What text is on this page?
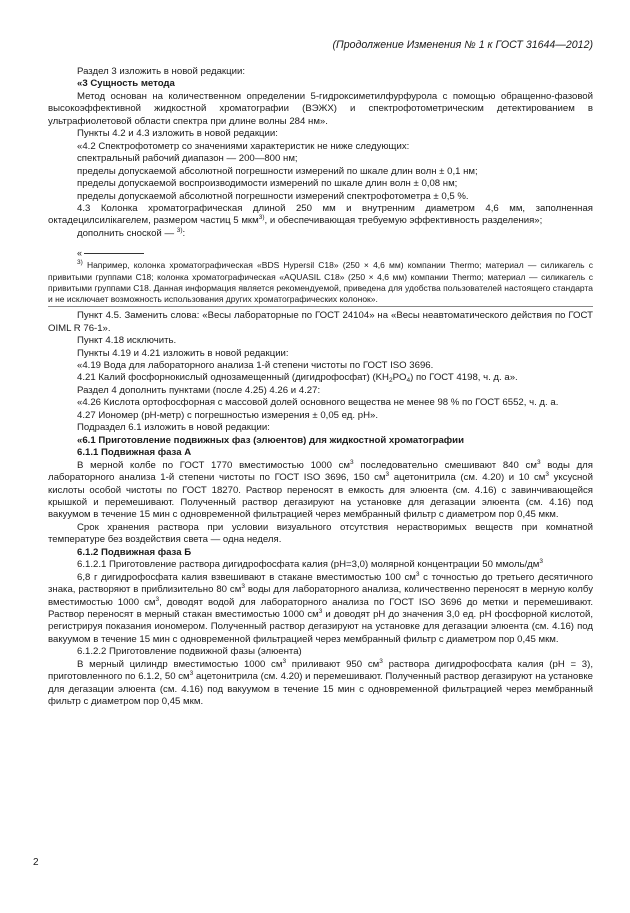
(Продолжение Изменения № 1 к ГОСТ 31644—2012)

Раздел 3 изложить в новой редакции:

«3 Сущность метода

Метод основан на количественном определении 5-гидроксиметилфурфурола с помощью обращенно-фазовой высокоэффективной жидкостной хроматографии (ВЭЖХ) и спектрофотометрическим детектированием в ультрафиолетовой области спектра при длине волны 284 нм».

Пункты 4.2 и 4.3 изложить в новой редакции:

«4.2 Спектрофотометр со значениями характеристик не ниже следующих:

спектральный рабочий диапазон — 200—800 нм;

пределы допускаемой абсолютной погрешности измерений по шкале длин волн ± 0,1 нм;

пределы допускаемой воспроизводимости измерений по шкале длин волн ± 0,08 нм;

пределы допускаемой абсолютной погрешности измерений спектрофотометра ± 0,5 %.

4.3 Колонка хроматографическая длиной 250 мм и внутренним диаметром 4,6 мм, заполненная октадецилсилікагелем, размером частиц 5 мкм$^{3)}$, и обеспечивающая требуемую эффективность разделения»;

дополнить сноской — $^{3)}$:

«

$^{3)}$ Например, колонка хроматографическая «BDS Hypersil C18» (250 × 4,6 мм) компании Thermo; материал — силикагель с привитыми группами C18; колонка хроматографическая «AQUASIL C18» (250 × 4,6 мм) компании Thermo; материал — силикагель с привитыми группами C18. Данная информация является рекомендуемой, приведена для удобства пользователей настоящего стандарта и не исключает возможность использования других хроматографических колонок».

Пункт 4.5. Заменить слова: «Весы лабораторные по ГОСТ 24104» на «Весы неавтоматического действия по ГОСТ OIML R 76-1».

Пункт 4.18 исключить.

Пункты 4.19 и 4.21 изложить в новой редакции:

«4.19 Вода для лабораторного анализа 1-й степени чистоты по ГОСТ ISO 3696.

4.21 Калий фосфорнокислый однозамещенный (дигидрофосфат) $(KH_2PO_4)$ по ГОСТ 4198, ч. д. а».

Раздел 4 дополнить пунктами (после 4.25) 4.26 и 4.27:

«4.26 Кислота ортофосфорная с массовой долей основного вещества не менее 98 % по ГОСТ 6552, ч. д. а.

4.27 Иономер (pH-метр) с погрешностью измерения ± 0,05 ед. pH».

Подраздел 6.1 изложить в новой редакции:

«6.1 Приготовление подвижных фаз (элюентов) для жидкостной хроматографии

6.1.1 Подвижная фаза А

В мерной колбе по ГОСТ 1770 вместимостью 1000 $см^3$ последовательно смешивают 840 $см^3$ воды для лабораторного анализа 1-й степени чистоты по ГОСТ ISO 3696, 150 $см^3$ ацетонитрила (см. 4.20) и 10 $см^3$ уксусной кислоты особой чистоты по ГОСТ 18270. Раствор переносят в емкость для элюента (см. 4.16) с завинчивающейся крышкой и перемешивают. Полученный раствор дегазируют на установке для дегазации элюента (см. 4.16) под вакуумом в течение 15 мин с одновременной фильтрацией через мембранный фильтр с диаметром пор 0,45 мкм.

Срок хранения раствора при условии визуального отсутствия нерастворимых веществ при комнатной температуре без воздействия света — одна неделя.

6.1.2 Подвижная фаза Б

6.1.2.1 Приготовление раствора дигидрофосфата калия (pH=3,0) молярной концентрации 50 ммоль/$дм^3$

6,8 г дигидрофосфата калия взвешивают в стакане вместимостью 100 $см^3$ с точностью до третьего десятичного знака, растворяют в приблизительно 80 $см^3$ воды для лабораторного анализа, количественно переносят в мерную колбу вместимостью 1000 $см^3$, доводят водой для лабораторного анализа по ГОСТ ISO 3696 до метки и перемешивают. Раствор переносят в мерный стакан вместимостью 1000 $см^3$ и доводят pH до значения 3,0 ед. pH фосфорной кислотой, регистрируя показания иономером. Полученный раствор дегазируют на установке для дегазации элюента (см. 4.16) под вакуумом в течение 15 мин с одновременной фильтрацией через мембранный фильтр с диаметром пор 0,45 мкм.

6.1.2.2 Приготовление подвижной фазы (элюента)

В мерный цилиндр вместимостью 1000 $см^3$ приливают 950 $см^3$ раствора дигидрофосфата калия (pH = 3), приготовленного по 6.1.2, 50 $см^3$ ацетонитрила (см. 4.20) и перемешивают. Полученный раствор дегазируют на установке для дегазации элюента (см. 4.16) под вакуумом в течение 15 мин с одновременной фильтрацией через мембранный фильтр с диаметром пор 0,45 мкм.

2
